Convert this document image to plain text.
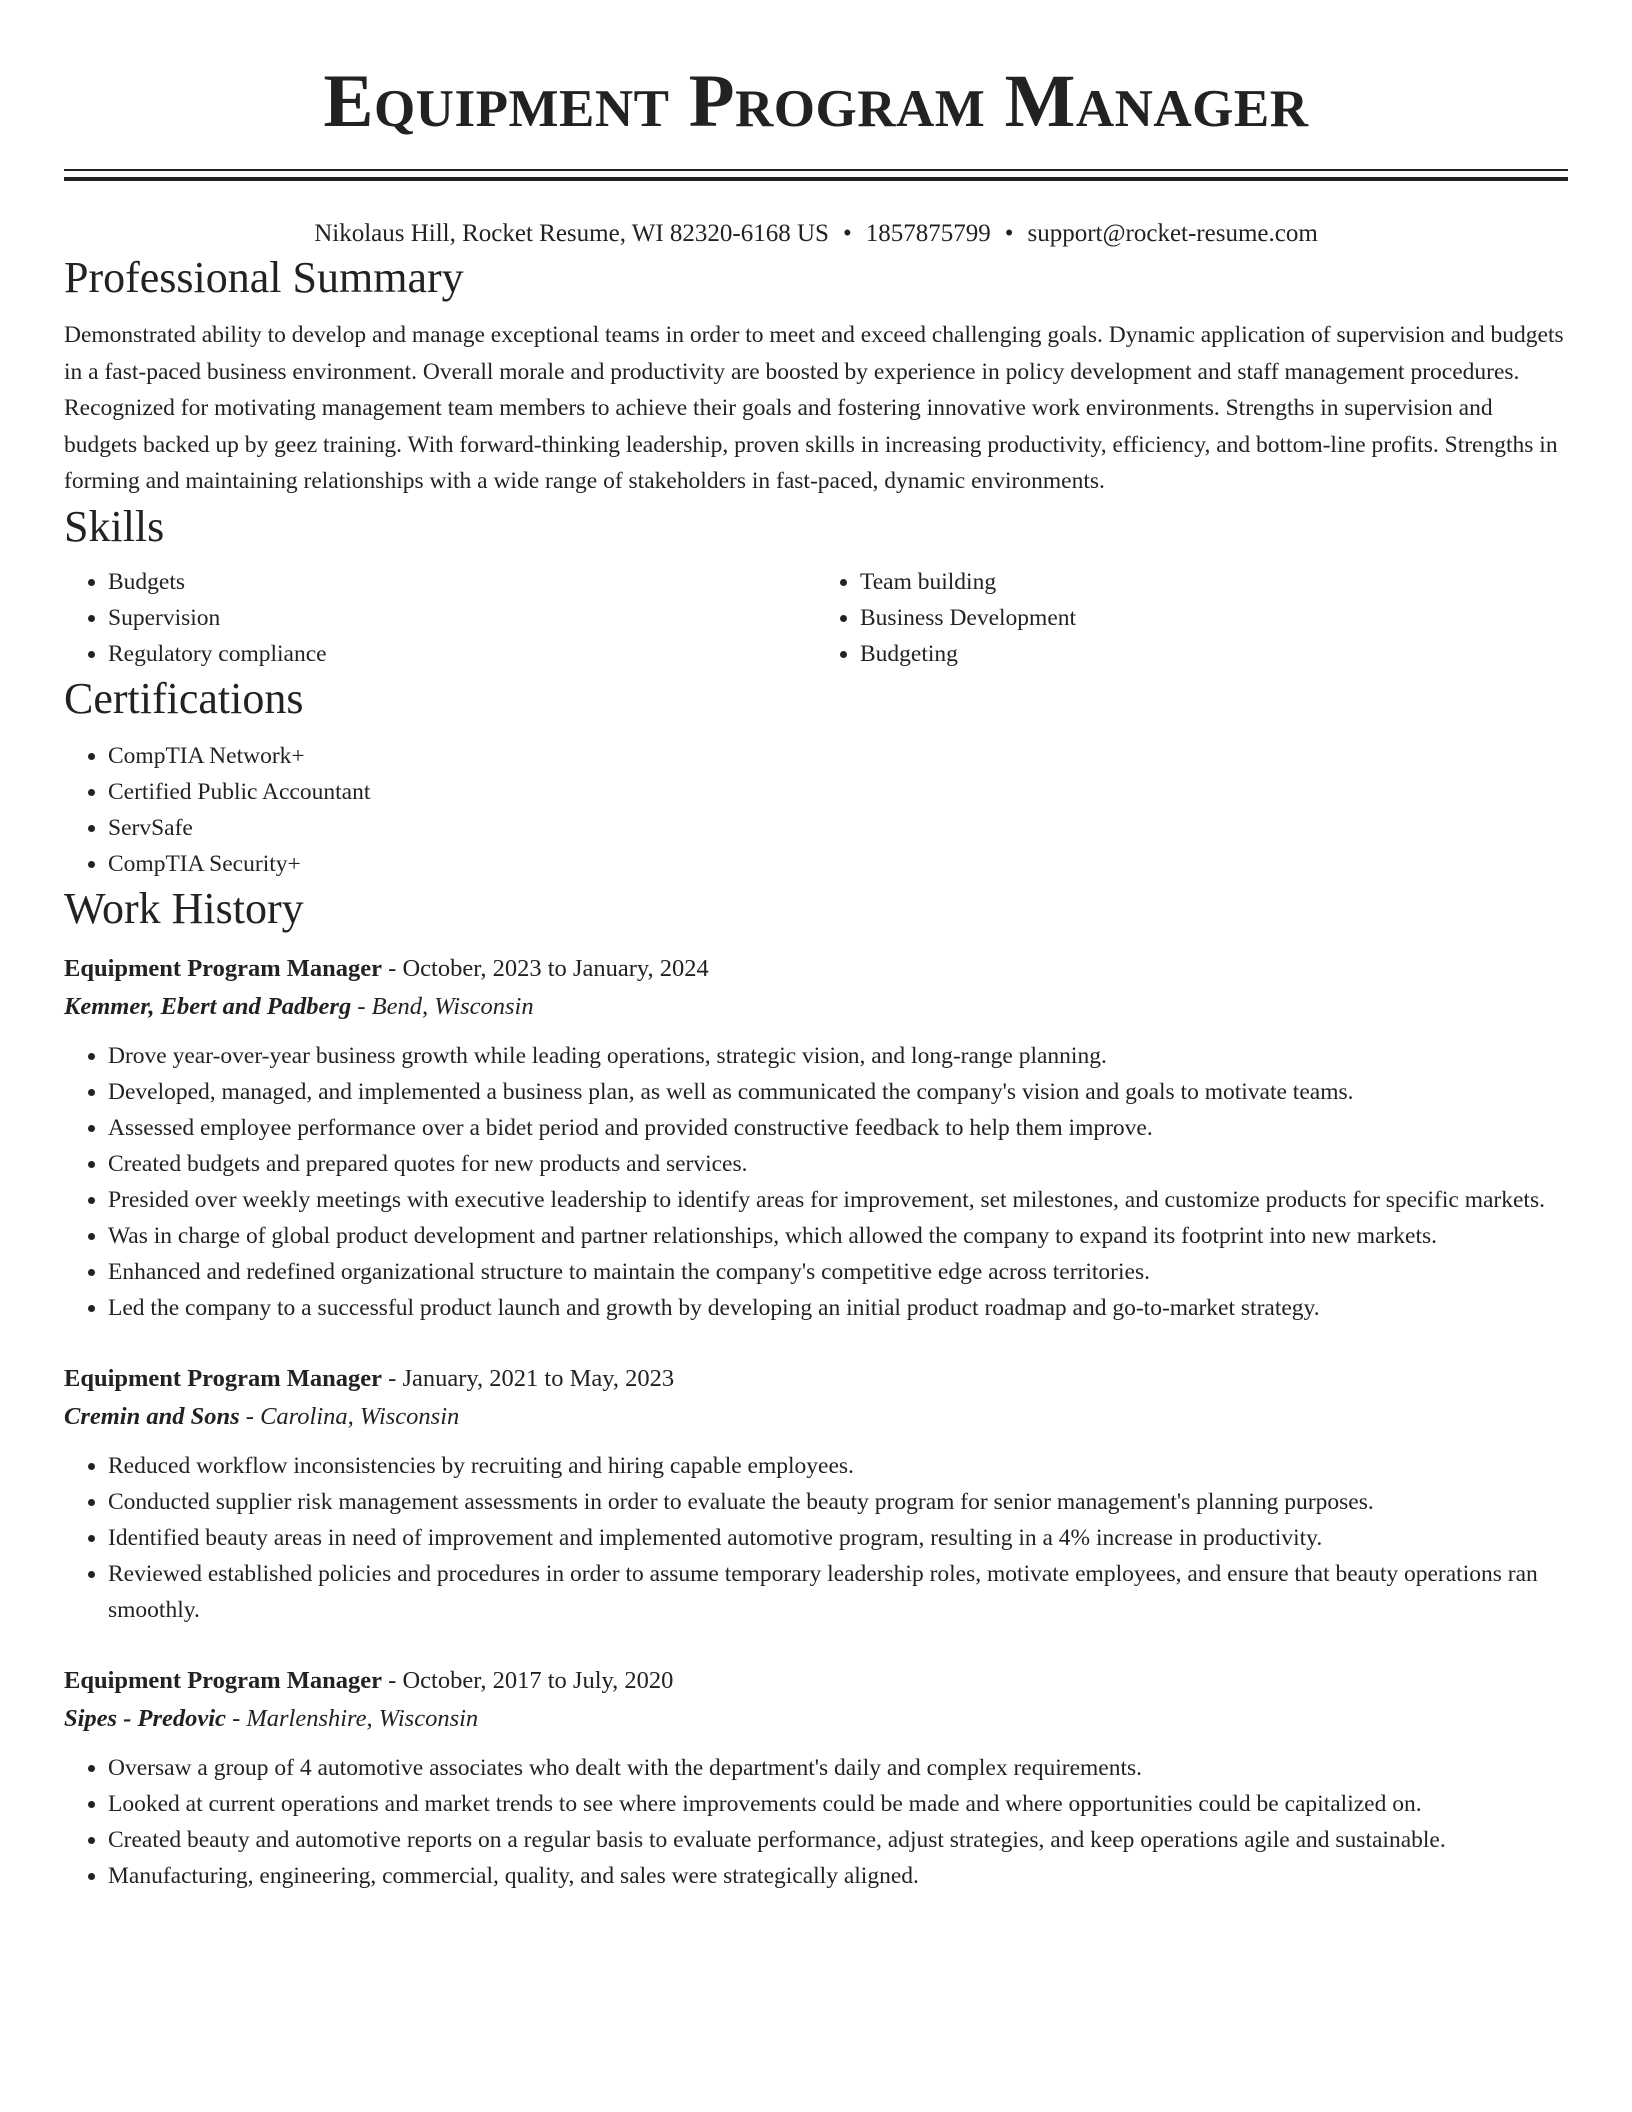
Equipment Program Manager
Nikolaus Hill, Rocket Resume, WI 82320-6168 US • 1857875799 • support@rocket-resume.com
Professional Summary

Demonstrated ability to develop and manage exceptional teams in order to meet and exceed challenging goals. Dynamic application of supervision and budgets in a fast-paced business environment. Overall morale and productivity are boosted by experience in policy development and staff management procedures. Recognized for motivating management team members to achieve their goals and fostering innovative work environments. Strengths in supervision and budgets backed up by geez training. With forward-thinking leadership, proven skills in increasing productivity, efficiency, and bottom-line profits. Strengths in forming and maintaining relationships with a wide range of stakeholders in fast-paced, dynamic environments.

Skills
• Budgets
• Supervision
• Regulatory compliance
• Team building
• Business Development
• Budgeting
Certifications
• CompTIA Network+
• Certified Public Accountant
• ServSafe
• CompTIA Security+
Work History
Equipment Program Manager - October, 2023 to January, 2024
Kemmer, Ebert and Padberg - Bend, Wisconsin
• Drove year-over-year business growth while leading operations, strategic vision, and long-range planning.
• Developed, managed, and implemented a business plan, as well as communicated the company's vision and goals to motivate teams.
• Assessed employee performance over a bidet period and provided constructive feedback to help them improve.
• Created budgets and prepared quotes for new products and services.
• Presided over weekly meetings with executive leadership to identify areas for improvement, set milestones, and customize products for specific markets.
• Was in charge of global product development and partner relationships, which allowed the company to expand its footprint into new markets.
• Enhanced and redefined organizational structure to maintain the company's competitive edge across territories.
• Led the company to a successful product launch and growth by developing an initial product roadmap and go-to-market strategy.
Equipment Program Manager - January, 2021 to May, 2023
Cremin and Sons - Carolina, Wisconsin
• Reduced workflow inconsistencies by recruiting and hiring capable employees.
• Conducted supplier risk management assessments in order to evaluate the beauty program for senior management's planning purposes.
• Identified beauty areas in need of improvement and implemented automotive program, resulting in a 4% increase in productivity.
• Reviewed established policies and procedures in order to assume temporary leadership roles, motivate employees, and ensure that beauty operations ran smoothly.
Equipment Program Manager - October, 2017 to July, 2020
Sipes - Predovic - Marlenshire, Wisconsin
• Oversaw a group of 4 automotive associates who dealt with the department's daily and complex requirements.
• Looked at current operations and market trends to see where improvements could be made and where opportunities could be capitalized on.
• Created beauty and automotive reports on a regular basis to evaluate performance, adjust strategies, and keep operations agile and sustainable.
• Manufacturing, engineering, commercial, quality, and sales were strategically aligned.
